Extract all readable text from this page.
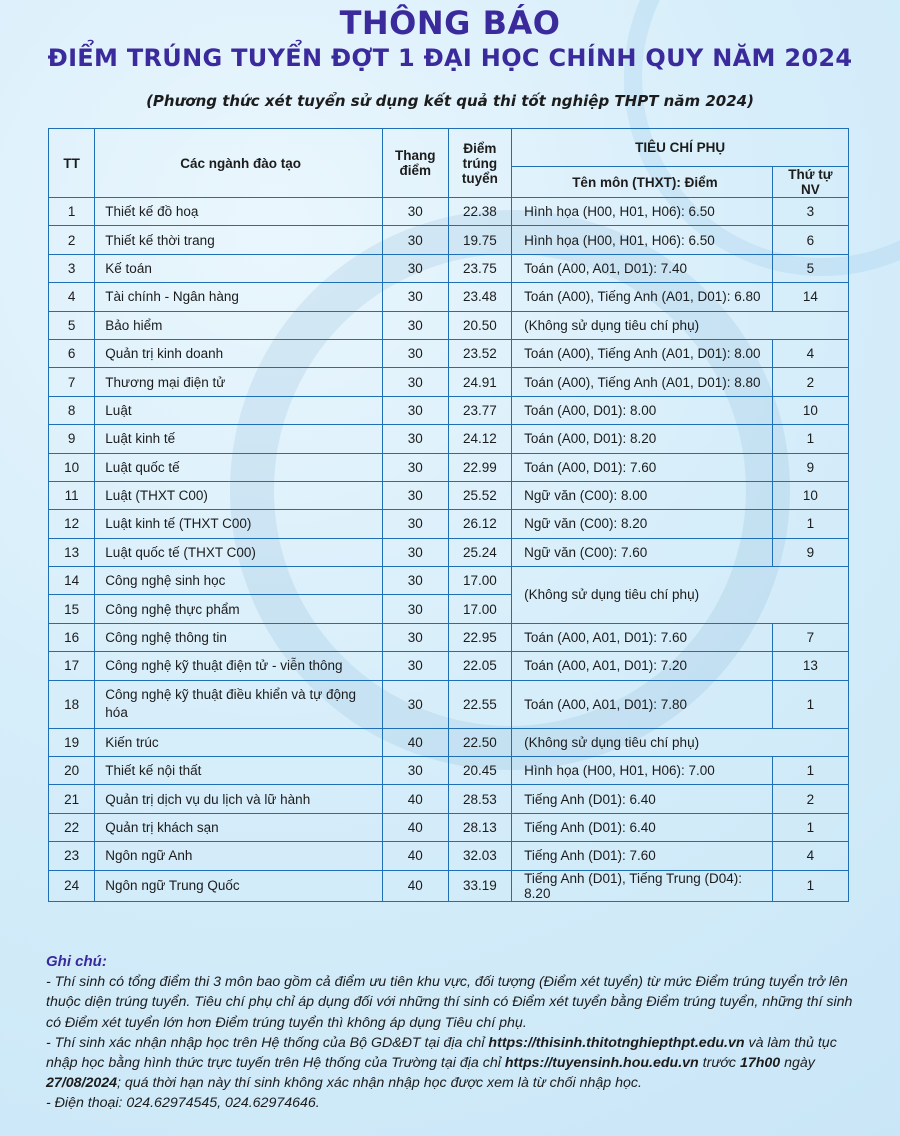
THÔNG BÁO
ĐIỂM TRÚNG TUYỂN ĐỢT 1 ĐẠI HỌC CHÍNH QUY NĂM 2024
(Phương thức xét tuyển sử dụng kết quả thi tốt nghiệp THPT năm 2024)
TT	Các ngành đào tạo	Thang điểm	Điểm trúng tuyển	TIÊU CHÍ PHỤ	
				Tên môn (THXT): Điểm	Thứ tự NV
1	Thiết kế đồ hoạ	30	22.38	Hình họa (H00, H01, H06): 6.50	3
2	Thiết kế thời trang	30	19.75	Hình họa (H00, H01, H06): 6.50	6
3	Kế toán	30	23.75	Toán (A00, A01, D01): 7.40	5
4	Tài chính - Ngân hàng	30	23.48	Toán (A00), Tiếng Anh (A01, D01): 6.80	14
5	Bảo hiểm	30	20.50	(Không sử dụng tiêu chí phụ)	
6	Quản trị kinh doanh	30	23.52	Toán (A00), Tiếng Anh (A01, D01): 8.00	4
7	Thương mại điện tử	30	24.91	Toán (A00), Tiếng Anh (A01, D01): 8.80	2
8	Luật	30	23.77	Toán (A00, D01): 8.00	10
9	Luật kinh tế	30	24.12	Toán (A00, D01): 8.20	1
10	Luật quốc tế	30	22.99	Toán (A00, D01): 7.60	9
11	Luật (THXT C00)	30	25.52	Ngữ văn (C00): 8.00	10
12	Luật kinh tế (THXT C00)	30	26.12	Ngữ văn (C00): 8.20	1
13	Luật quốc tế (THXT C00)	30	25.24	Ngữ văn (C00): 7.60	9
14	Công nghệ sinh học	30	17.00	(Không sử dụng tiêu chí phụ)	
15	Công nghệ thực phẩm	30	17.00		
16	Công nghệ thông tin	30	22.95	Toán (A00, A01, D01): 7.60	7
17	Công nghệ kỹ thuật điện tử - viễn thông	30	22.05	Toán (A00, A01, D01): 7.20	13
18	Công nghệ kỹ thuật điều khiển và tự động hóa	30	22.55	Toán (A00, A01, D01): 7.80	1
19	Kiến trúc	40	22.50	(Không sử dụng tiêu chí phụ)	
20	Thiết kế nội thất	30	20.45	Hình họa (H00, H01, H06): 7.00	1
21	Quản trị dịch vụ du lịch và lữ hành	40	28.53	Tiếng Anh (D01): 6.40	2
22	Quản trị khách sạn	40	28.13	Tiếng Anh (D01): 6.40	1
23	Ngôn ngữ Anh	40	32.03	Tiếng Anh (D01): 7.60	4
24	Ngôn ngữ Trung Quốc	40	33.19	Tiếng Anh (D01), Tiếng Trung (D04): 8.20	1

Ghi chú:

- Thí sinh có tổng điểm thi 3 môn bao gồm cả điểm ưu tiên khu vực, đối tượng (Điểm xét tuyển) từ mức Điểm trúng tuyển trở lên thuộc diện trúng tuyển. Tiêu chí phụ chỉ áp dụng đối với những thí sinh có Điểm xét tuyển bằng Điểm trúng tuyển, những thí sinh có Điểm xét tuyển lớn hơn Điểm trúng tuyển thì không áp dụng Tiêu chí phụ.

- Thí sinh xác nhận nhập học trên Hệ thống của Bộ GD&ĐT tại địa chỉ https://thisinh.thitotnghiepthpt.edu.vn và làm thủ tục nhập học bằng hình thức trực tuyến trên Hệ thống của Trường tại địa chỉ https://tuyensinh.hou.edu.vn trước 17h00 ngày 27/08/2024; quá thời hạn này thí sinh không xác nhận nhập học được xem là từ chối nhập học.

- Điện thoại: 024.62974545, 024.62974646.
